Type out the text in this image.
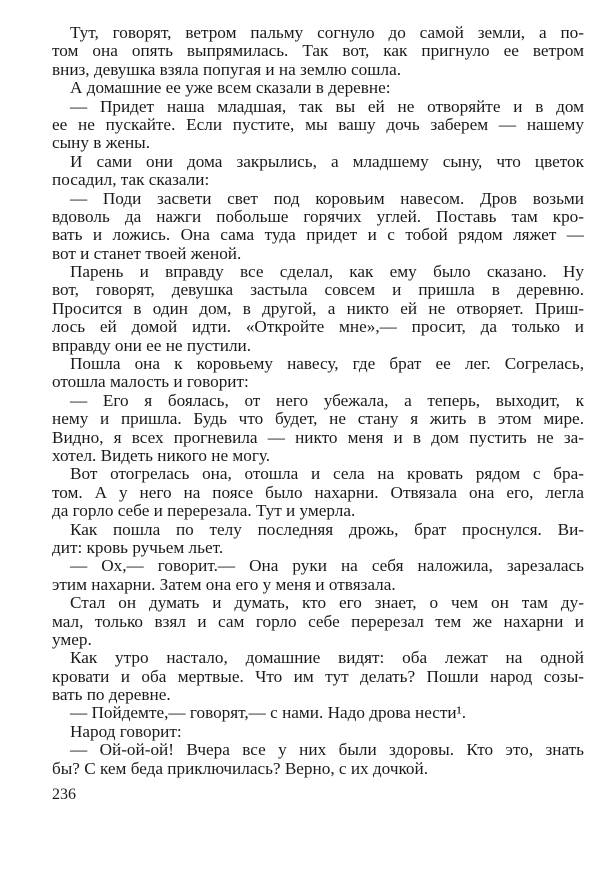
Тут, говорят, ветром пальму согнуло до самой земли, а по-
том она опять выпрямилась. Так вот, как пригнуло ее ветром
вниз, девушка взяла попугая и на землю сошла.
А домашние ее уже всем сказали в деревне:
— Придет наша младшая, так вы ей не отворяйте и в дом
ее не пускайте. Если пустите, мы вашу дочь заберем — нашему
сыну в жены.
И сами они дома закрылись, а младшему сыну, что цветок
посадил, так сказали:
— Поди засвети свет под коровьим навесом. Дров возьми
вдоволь да нажги побольше горячих углей. Поставь там кро-
вать и ложись. Она сама туда придет и с тобой рядом ляжет —
вот и станет твоей женой.
Парень и вправду все сделал, как ему было сказано. Ну
вот, говорят, девушка застыла совсем и пришла в деревню.
Просится в один дом, в другой, а никто ей не отворяет. Приш-
лось ей домой идти. «Откройте мне»,— просит, да только и
вправду они ее не пустили.
Пошла она к коровьему навесу, где брат ее лег. Согрелась,
отошла малость и говорит:
— Его я боялась, от него убежала, а теперь, выходит, к
нему и пришла. Будь что будет, не стану я жить в этом мире.
Видно, я всех прогневила — никто меня и в дом пустить не за-
хотел. Видеть никого не могу.
Вот отогрелась она, отошла и села на кровать рядом с бра-
том. А у него на поясе было нахарни. Отвязала она его, легла
да горло себе и перерезала. Тут и умерла.
Как пошла по телу последняя дрожь, брат проснулся. Ви-
дит: кровь ручьем льет.
— Ох,— говорит.— Она руки на себя наложила, зарезалась
этим нахарни. Затем она его у меня и отвязала.
Стал он думать и думать, кто его знает, о чем он там ду-
мал, только взял и сам горло себе перерезал тем же нахарни и
умер.
Как утро настало, домашние видят: оба лежат на одной
кровати и оба мертвые. Что им тут делать? Пошли народ созы-
вать по деревне.
— Пойдемте,— говорят,— с нами. Надо дрова нести¹.
Народ говорит:
— Ой-ой-ой! Вчера все у них были здоровы. Кто это, знать
бы? С кем беда приключилась? Верно, с их дочкой.
236
